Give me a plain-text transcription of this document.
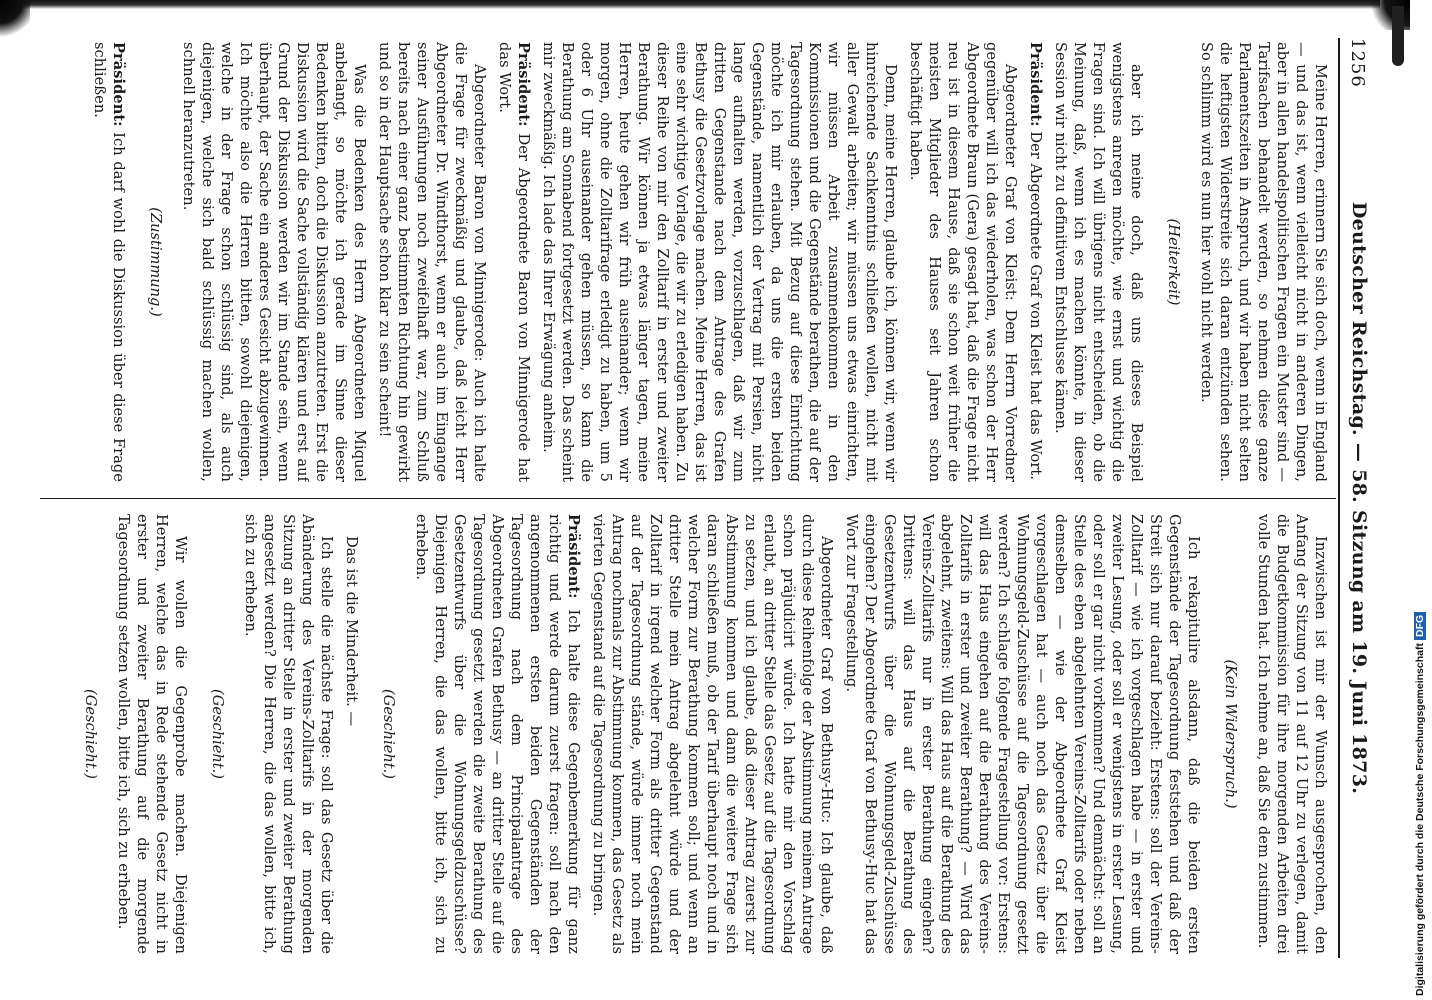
1256
Deutscher Reichstag. — 58. Sitzung am 19. Juni 1873.

Meine Herren, erinnern Sie sich doch, wenn in England — und das ist, wenn vielleicht nicht in anderen Dingen, aber in allen handelspolitischen Fragen ein Muster sind — Tarifsachen behandelt werden, so nehmen diese ganze Parlamentszeiten in Anspruch, und wir haben nicht selten die heftigsten Widerstreite sich daran entzünden sehen. So schlimm wird es nun hier wohl nicht werden.

(Heiterkeit)

aber ich meine doch, daß uns dieses Beispiel wenigstens anregen möchte, wie ernst und wichtig die Fragen sind. Ich will übrigens nicht entscheiden, ob die Meinung, daß, wenn ich es machen könnte, in dieser Session wir nicht zu definitivem Entschlusse kämen.

Präsident: Der Abgeordnete Graf von Kleist hat das Wort.

Abgeordneter Graf von Kleist: Dem Herrn Vorredner gegenüber will ich das wiederholen, was schon der Herr Abgeordnete Braun (Gera) gesagt hat, daß die Frage nicht neu ist in diesem Hause, daß sie schon weit früher die meisten Mitglieder des Hauses seit Jahren schon beschäftigt haben.

Denn, meine Herren, glaube ich, können wir, wenn wir hinreichende Sachkenntnis schließen wollen, nicht mit aller Gewalt arbeiten; wir müssen uns etwas einrichten, wir müssen Arbeit zusammenkommen in den Kommissionen und die Gegenstände berathen, die auf der Tagesordnung stehen. Mit Bezug auf diese Einrichtung möchte ich mir erlauben, da uns die ersten beiden Gegenstände, namentlich der Vertrag mit Persien, nicht lange aufhalten werden, vorzuschlagen, daß wir zum dritten Gegenstande nach dem Antrage des Grafen Bethusy die Gesetzvorlage machen. Meine Herren, das ist eine sehr wichtige Vorlage, die wir zu erledigen haben. Zu dieser Reihe von mir den Zolltarif in erster und zweiter Berathung. Wir können ja etwas länger tagen, meine Herren, heute gehen wir früh auseinander; wenn wir morgen, ohne die Zolltarifrage erledigt zu haben, um 5 oder 6 Uhr auseinander gehen müssen, so kann die Berathung am Sonnabend fortgesetzt werden. Das scheint mir zweckmäßig. Ich lade das Ihrer Erwägung anheim.

Präsident: Der Abgeordnete Baron von Minnigerode hat das Wort.

Abgeordneter Baron von Minnigerode: Auch ich halte die Frage für zweckmäßig und glaube, daß leicht Herr Abgeordneter Dr. Windthorst, wenn er auch im Eingange seiner Ausführungen noch zweifelhaft war, zum Schluß bereits nach einer ganz bestimmten Richtung hin gewirkt und so in der Hauptsache schon klar zu sein scheint!

Was die Bedenken des Herrn Abgeordneten Miquel anbelangt, so möchte ich gerade im Sinne dieser Bedenken bitten, doch die Diskussion anzutreten. Erst die Diskussion wird die Sache vollständig klären und erst auf Grund der Diskussion werden wir im Stande sein, wenn überhaupt, der Sache ein anderes Gesicht abzugewinnen. Ich möchte also die Herren bitten, sowohl diejenigen, welche in der Frage schon schlüssig sind, als auch diejenigen, welche sich bald schlüssig machen wollen, schnell heranzutreten.

(Zustimmung.)

Präsident: Ich darf wohl die Diskussion über diese Frage schließen.

Inzwischen ist mir der Wunsch ausgesprochen, den Anfang der Sitzung von 11 auf 12 Uhr zu verlegen, damit die Budgetkommission für ihre morgenden Arbeiten drei volle Stunden hat. Ich nehme an, daß Sie dem zustimmen.

(Kein Widerspruch.)

Ich rekapitulire alsdann, daß die beiden ersten Gegenstände der Tagesordnung feststehen und daß der Streit sich nur darauf bezieht: Erstens: soll der Vereins-Zolltarif — wie ich vorgeschlagen habe — in erster und zweiter Lesung, oder soll er wenigstens in erster Lesung, oder soll er gar nicht vorkommen? Und demnächst: soll an Stelle des eben abgelehnten Vereins-Zolltarifs oder neben demselben — wie der Abgeordnete Graf Kleist vorgeschlagen hat — auch noch das Gesetz über die Wohnungsgeld-Zuschüsse auf die Tagesordnung gesetzt werden? Ich schlage folgende Fragestellung vor: Erstens: will das Haus eingehen auf die Berathung des Vereins-Zolltarifs in erster und zweiter Berathung? — Wird das abgelehnt, zweitens: Will das Haus auf die Berathung des Vereins-Zolltarifs nur in erster Berathung eingehen? Drittens: will das Haus auf die Berathung des Gesetzentwurfs über die Wohnungsgeld-Zuschüsse eingehen? Der Abgeordnete Graf von Bethusy-Huc hat das Wort zur Fragestellung.

Abgeordneter Graf von Bethusy-Huc: Ich glaube, daß durch diese Reihenfolge der Abstimmung meinem Antrage schon präjudicirt würde. Ich hatte mir den Vorschlag erlaubt, an dritter Stelle das Gesetz auf die Tagesordnung zu setzen, und ich glaube, daß dieser Antrag zuerst zur Abstimmung kommen und dann die weitere Frage sich daran schließen muß, ob der Tarif überhaupt noch und in welcher Form zur Berathung kommen soll; und wenn an dritter Stelle mein Antrag abgelehnt würde und der Zolltarif in irgend welcher Form als dritter Gegenstand auf der Tagesordnung stände, würde immer noch mein Antrag nochmals zur Abstimmung kommen, das Gesetz als vierten Gegenstand auf die Tagesordnung zu bringen.

Präsident: Ich halte diese Gegenbemerkung für ganz richtig und werde darum zuerst fragen: soll nach den angenommenen ersten beiden Gegenständen der Tagesordnung nach dem Principalantrage des Abgeordneten Grafen Bethusy — an dritter Stelle auf die Tagesordnung gesetzt werden die zweite Berathung des Gesetzentwurfs über die Wohnungsgeldzuschüsse? Diejenigen Herren, die das wollen, bitte ich, sich zu erheben.

(Geschieht.)

Das ist die Minderheit. —

Ich stelle die nächste Frage: soll das Gesetz über die Abänderung des Vereins-Zolltarifs in der morgenden Sitzung an dritter Stelle in erster und zweiter Berathung angesetzt werden? Die Herren, die das wollen, bitte ich, sich zu erheben.

(Geschieht.)

Wir wollen die Gegenprobe machen. Diejenigen Herren, welche das in Rede stehende Gesetz nicht in erster und zweiter Berathung auf die morgende Tagesordnung setzen wollen, bitte ich, sich zu erheben.

(Geschieht.)	Digitalisierung gefördert durch die Deutsche ForschungsgemeinschaftDFG
